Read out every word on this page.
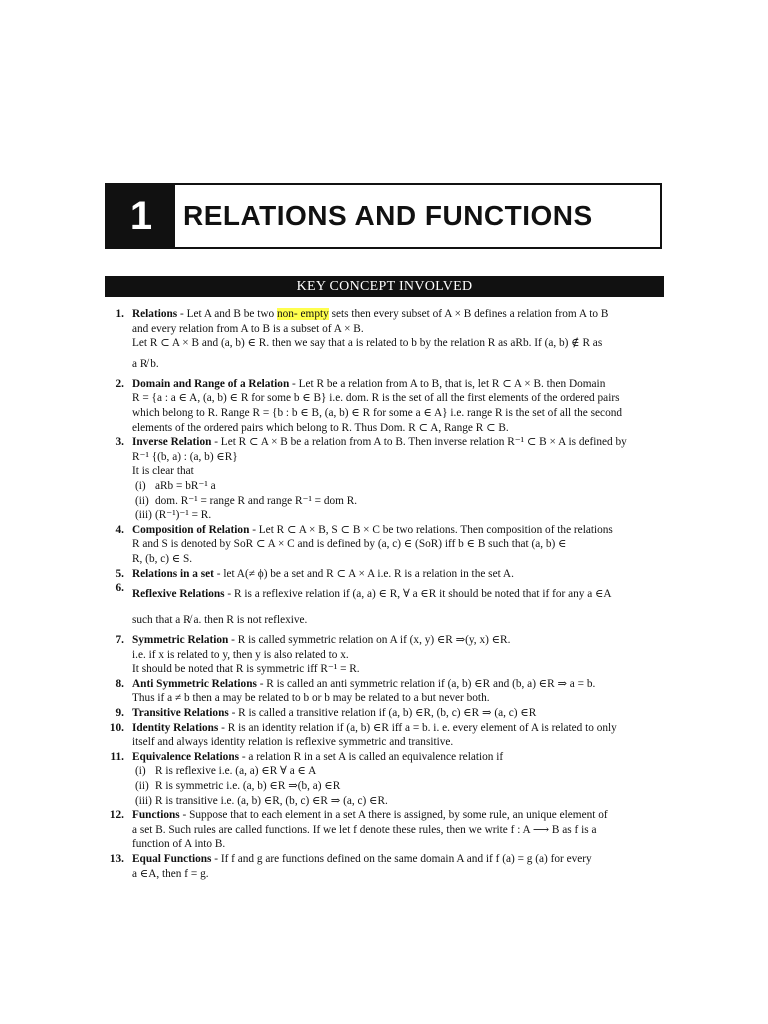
1	RELATIONS AND FUNCTIONS
KEY CONCEPT INVOLVED
1. Relations - Let A and B be two non- empty sets then every subset of A × B defines a relation from A to B
and every relation from A to B is a subset of A × B.
Let R ⊂ A × B and (a, b) ∈ R. then we say that a is related to b by the relation R as aRb. If (a, b) ∉ R as
a R̸ b.
2. Domain and Range of a Relation - Let R be a relation from A to B, that is, let R ⊂ A × B. then Domain
R = {a : a ∈ A, (a, b) ∈ R for some b ∈ B} i.e. dom. R is the set of all the first elements of the ordered pairs
which belong to R. Range R = {b : b ∈ B, (a, b) ∈ R for some a ∈ A} i.e. range R is the set of all the second
elements of the ordered pairs which belong to R. Thus Dom. R ⊂ A, Range R ⊂ B.
3. Inverse Relation - Let R ⊂ A × B be a relation from A to B. Then inverse relation R⁻¹ ⊂ B × A is defined by
R⁻¹ {(b, a) : (a, b) ∈R}
It is clear that
(i) aRb = bR⁻¹ a
(ii) dom. R⁻¹ = range R and range R⁻¹ = dom R.
(iii) (R⁻¹)⁻¹ = R.
4. Composition of Relation - Let R ⊂ A × B, S ⊂ B × C be two relations. Then composition of the relations
R and S is denoted by SoR ⊂ A × C and is defined by (a, c) ∈ (SoR) iff b ∈ B such that (a, b) ∈
R, (b, c) ∈ S.
5. Relations in a set - let A(≠ ϕ) be a set and R ⊂ A × A i.e. R is a relation in the set A.
6. Reflexive Relations - R is a reflexive relation if (a, a) ∈ R, ∀ a ∈R it should be noted that if for any a ∈A
such that a R̸ a. then R is not reflexive.
7. Symmetric Relation - R is called symmetric relation on A if (x, y) ∈R ⇒(y, x) ∈R.
i.e. if x is related to y, then y is also related to x.
It should be noted that R is symmetric iff R⁻¹ = R.
8. Anti Symmetric Relations - R is called an anti symmetric relation if (a, b) ∈R and (b, a) ∈R ⇒ a = b.
Thus if a ≠ b then a may be related to b or b may be related to a but never both.
9. Transitive Relations - R is called a transitive relation if (a, b) ∈R, (b, c) ∈R ⇒ (a, c) ∈R
10. Identity Relations - R is an identity relation if (a, b) ∈R iff a = b. i. e. every element of A is related to only
itself and always identity relation is reflexive symmetric and transitive.
11. Equivalence Relations - a relation R in a set A is called an equivalence relation if
(i) R is reflexive i.e. (a, a) ∈R ∀ a ∈ A
(ii) R is symmetric i.e. (a, b) ∈R ⇒(b, a) ∈R
(iii) R is transitive i.e. (a, b) ∈R, (b, c) ∈R ⇒ (a, c) ∈R.
12. Functions - Suppose that to each element in a set A there is assigned, by some rule, an unique element of
a set B. Such rules are called functions. If we let f denote these rules, then we write f : A ⟶ B as f is a
function of A into B.
13. Equal Functions - If f and g are functions defined on the same domain A and if f (a) = g (a) for every
a ∈A, then f = g.
